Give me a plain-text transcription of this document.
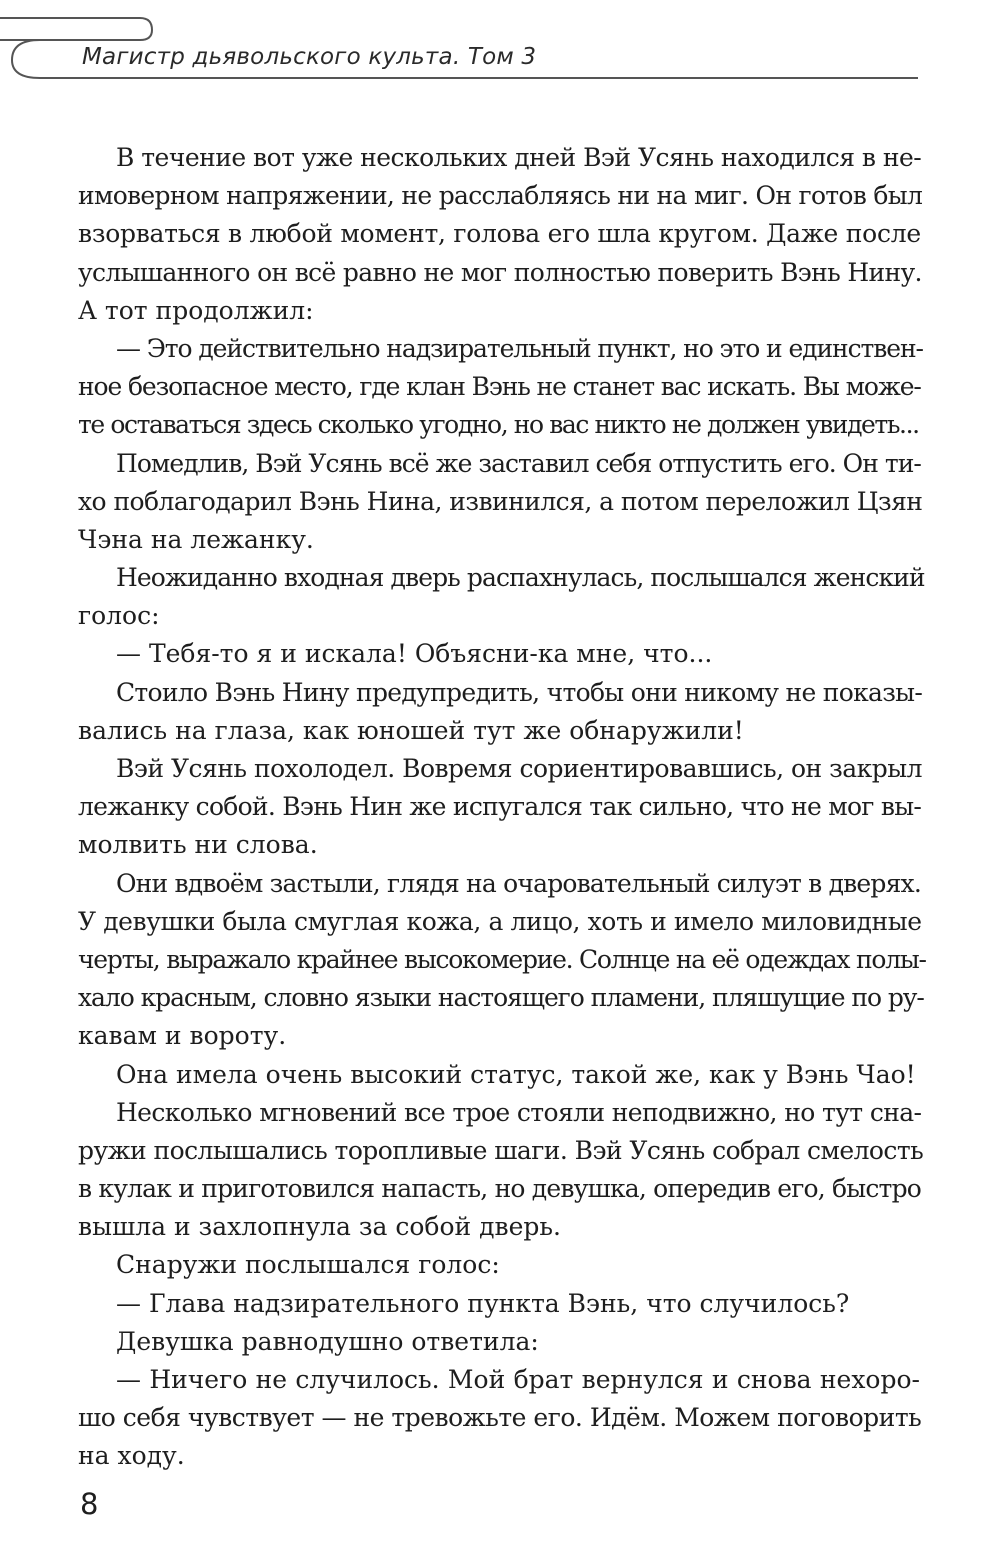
Магистр дьявольского культа. Том 3
В течение вот уже нескольких дней Вэй Усянь находился в не-
имоверном напряжении, не расслабляясь ни на миг. Он готов был
взорваться в любой момент, голова его шла кругом. Даже после
услышанного он всё равно не мог полностью поверить Вэнь Нину.
А тот продолжил:
— Это действительно надзирательный пункт, но это и единствен-
ное безопасное место, где клан Вэнь не станет вас искать. Вы може-
те оставаться здесь сколько угодно, но вас никто не должен увидеть...
Помедлив, Вэй Усянь всё же заставил себя отпустить его. Он ти-
хо поблагодарил Вэнь Нина, извинился, а потом переложил Цзян
Чэна на лежанку.
Неожиданно входная дверь распахнулась, послышался женский
голос:
— Тебя-то я и искала! Объясни-ка мне, что...
Стоило Вэнь Нину предупредить, чтобы они никому не показы-
вались на глаза, как юношей тут же обнаружили!
Вэй Усянь похолодел. Вовремя сориентировавшись, он закрыл
лежанку собой. Вэнь Нин же испугался так сильно, что не мог вы-
молвить ни слова.
Они вдвоём застыли, глядя на очаровательный силуэт в дверях.
У девушки была смуглая кожа, а лицо, хоть и имело миловидные
черты, выражало крайнее высокомерие. Солнце на её одеждах полы-
хало красным, словно языки настоящего пламени, пляшущие по ру-
кавам и вороту.
Она имела очень высокий статус, такой же, как у Вэнь Чао!
Несколько мгновений все трое стояли неподвижно, но тут сна-
ружи послышались торопливые шаги. Вэй Усянь собрал смелость
в кулак и приготовился напасть, но девушка, опередив его, быстро
вышла и захлопнула за собой дверь.
Снаружи послышался голос:
— Глава надзирательного пункта Вэнь, что случилось?
Девушка равнодушно ответила:
— Ничего не случилось. Мой брат вернулся и снова нехоро-
шо себя чувствует — не тревожьте его. Идём. Можем поговорить
на ходу.
8
